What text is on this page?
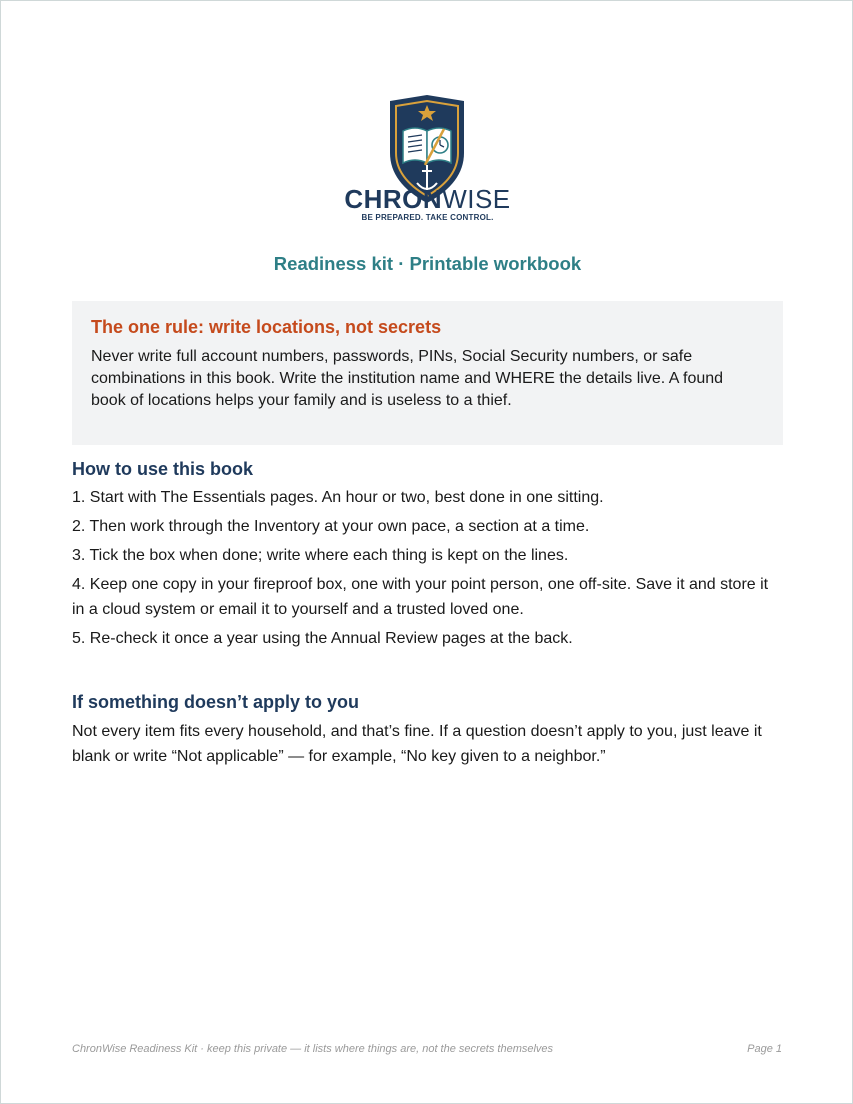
CHRONWISE
BE PREPARED. TAKE CONTROL.
Readiness kit · Printable workbook
The one rule: write locations, not secrets
Never write full account numbers, passwords, PINs, Social Security numbers, or safe combinations in this book. Write the institution name and WHERE the details live. A found book of locations helps your family and is useless to a thief.
How to use this book
1. Start with The Essentials pages. An hour or two, best done in one sitting.
2. Then work through the Inventory at your own pace, a section at a time.
3. Tick the box when done; write where each thing is kept on the lines.
4. Keep one copy in your fireproof box, one with your point person, one off-site. Save it and store it in a cloud system or email it to yourself and a trusted loved one.
5. Re-check it once a year using the Annual Review pages at the back.
If something doesn’t apply to you
Not every item fits every household, and that’s fine. If a question doesn’t apply to you, just leave it blank or write “Not applicable” — for example, “No key given to a neighbor.”
ChronWise Readiness Kit · keep this private — it lists where things are, not the secrets themselves	Page 1
